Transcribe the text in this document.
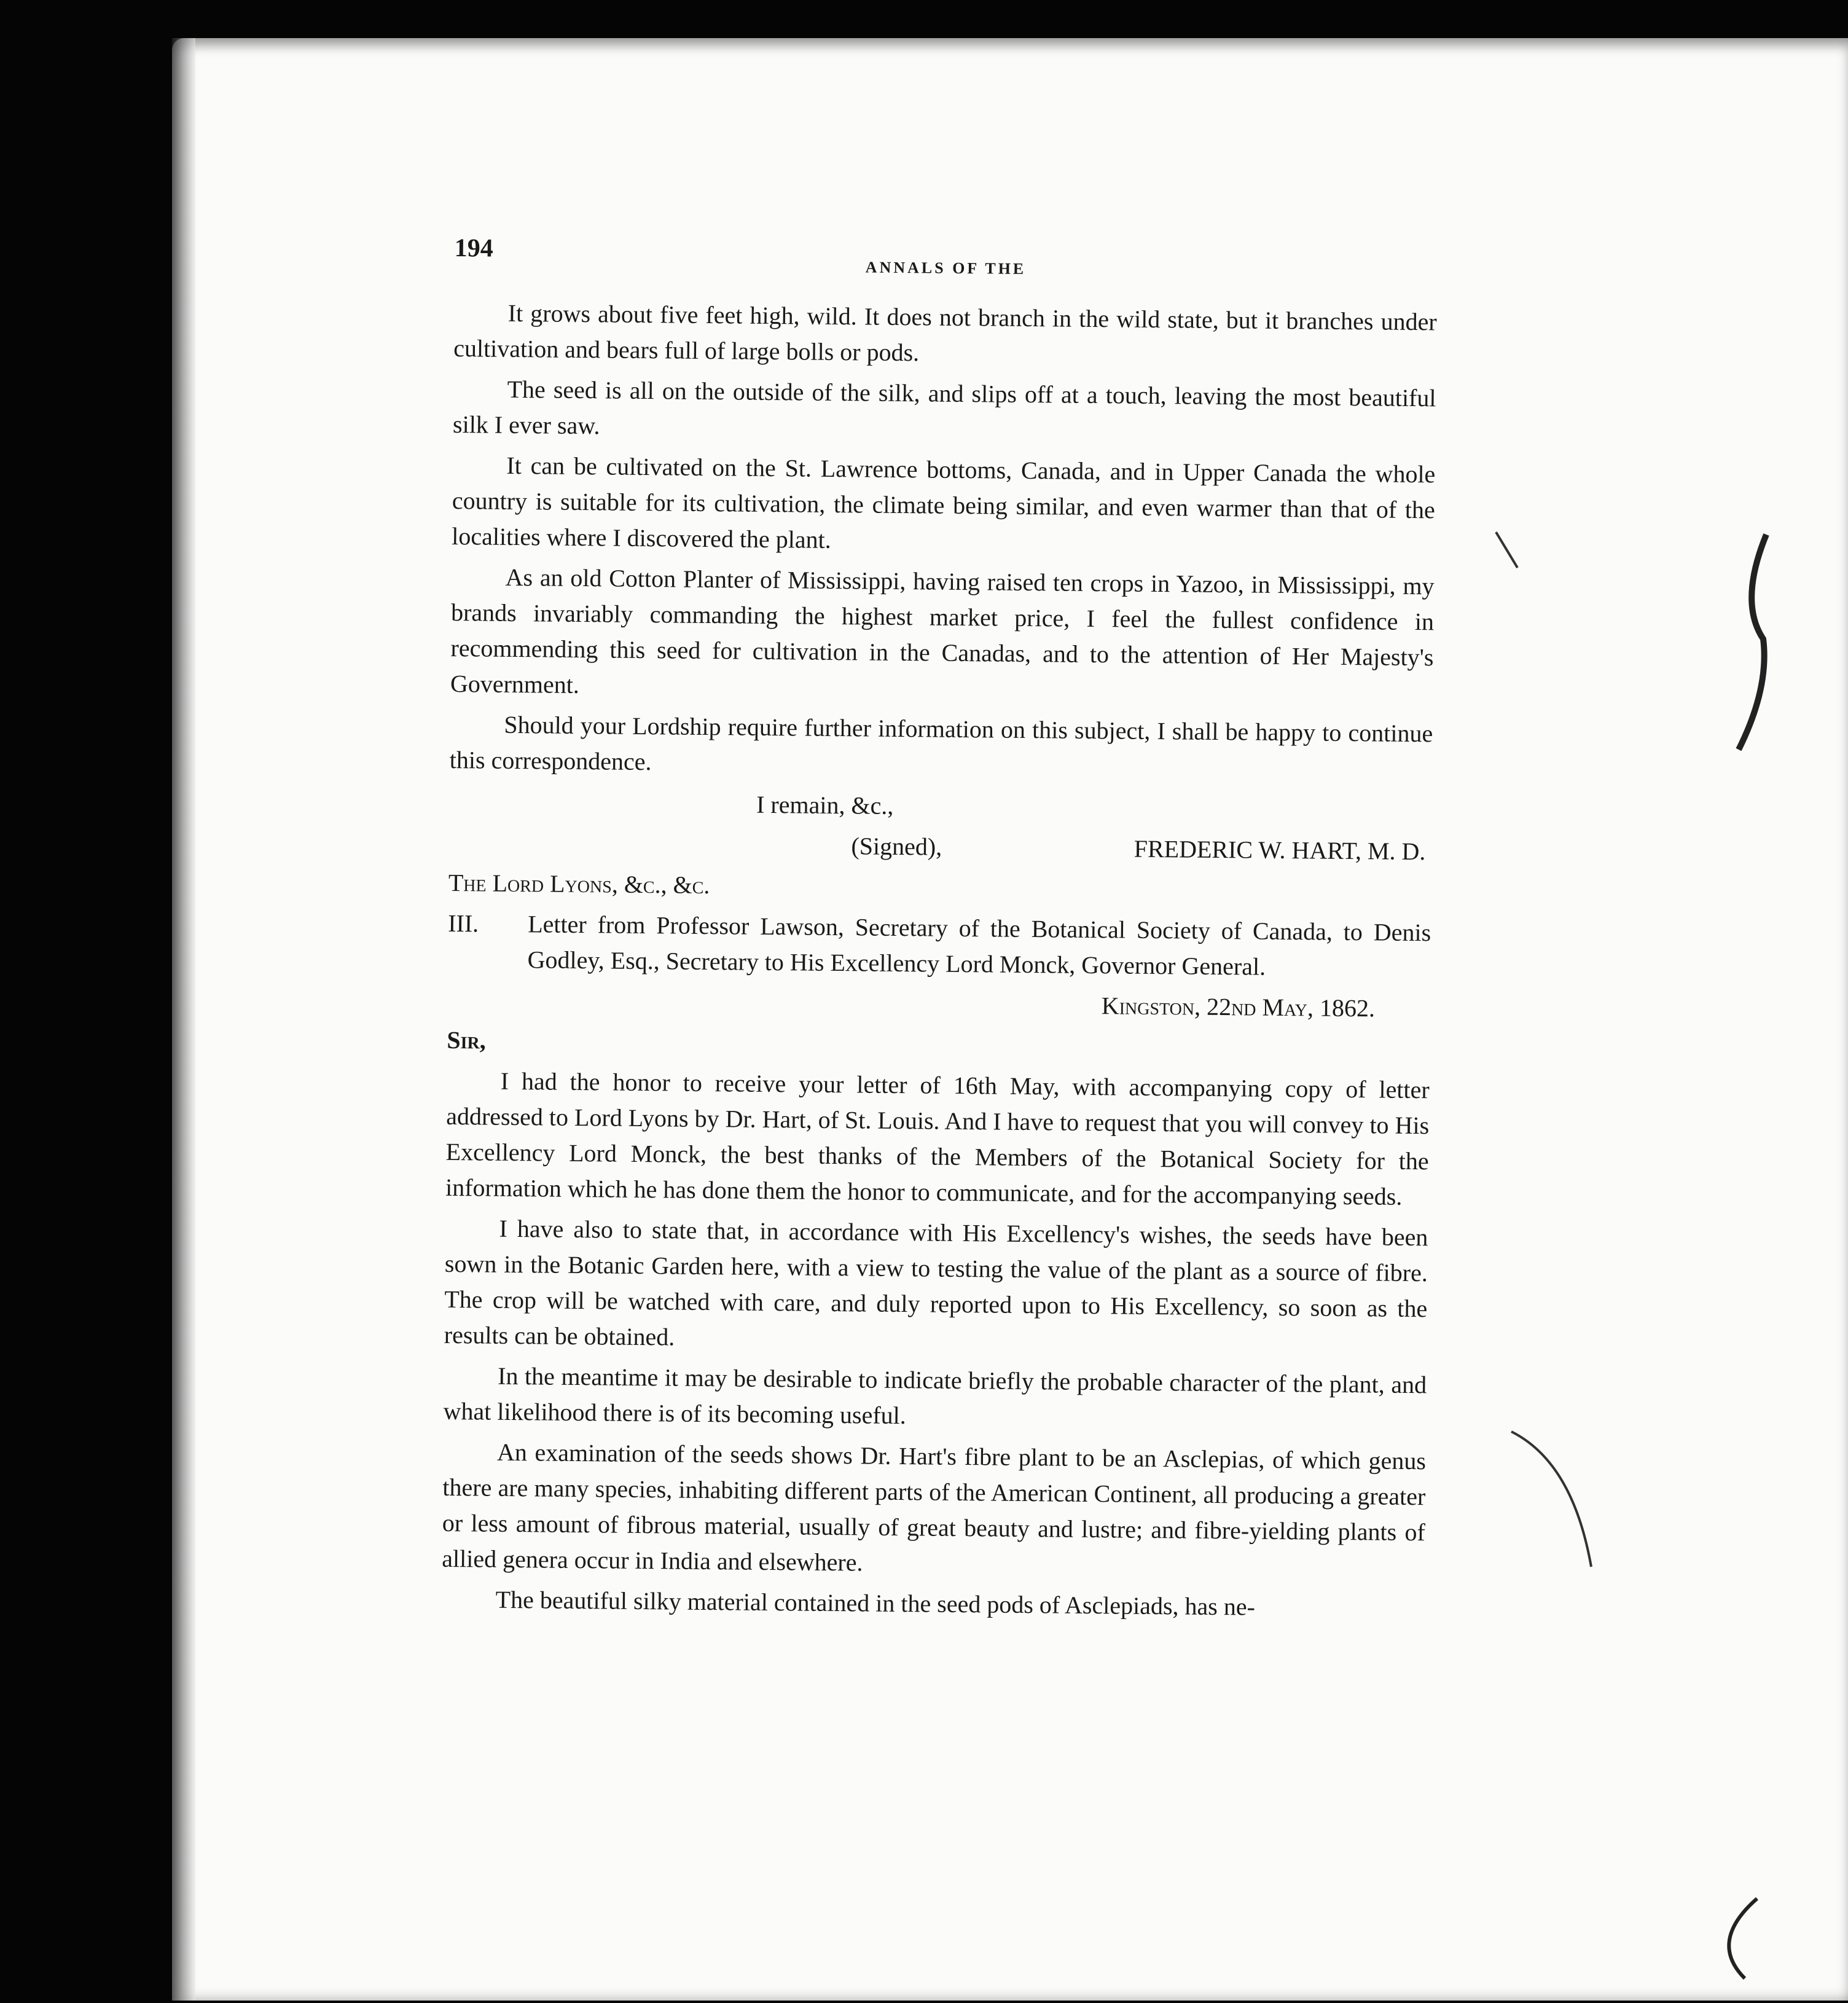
194
ANNALS OF THE

It grows about five feet high, wild. It does not branch in the wild state, but it branches under cultivation and bears full of large bolls or pods.

The seed is all on the outside of the silk, and slips off at a touch, leaving the most beautiful silk I ever saw.

It can be cultivated on the St. Lawrence bottoms, Canada, and in Upper Canada the whole country is suitable for its cultivation, the climate being similar, and even warmer than that of the localities where I discovered the plant.

As an old Cotton Planter of Mississippi, having raised ten crops in Yazoo, in Mississippi, my brands invariably commanding the highest market price, I feel the fullest confidence in recommending this seed for cultivation in the Canadas, and to the attention of Her Majesty's Government.

Should your Lordship require further information on this subject, I shall be happy to continue this correspondence.

I remain, &c.,

(Signed),	FREDERIC W. HART, M. D.

The Lord Lyons, &c., &c.

III. Letter from Professor Lawson, Secretary of the Botanical Society of Canada, to Denis Godley, Esq., Secretary to His Excellency Lord Monck, Governor General.

Kingston, 22nd May, 1862.

Sir,

I had the honor to receive your letter of 16th May, with accompanying copy of letter addressed to Lord Lyons by Dr. Hart, of St. Louis. And I have to request that you will convey to His Excellency Lord Monck, the best thanks of the Members of the Botanical Society for the information which he has done them the honor to communicate, and for the accompanying seeds.

I have also to state that, in accordance with His Excellency's wishes, the seeds have been sown in the Botanic Garden here, with a view to testing the value of the plant as a source of fibre. The crop will be watched with care, and duly reported upon to His Excellency, so soon as the results can be obtained.

In the meantime it may be desirable to indicate briefly the probable character of the plant, and what likelihood there is of its becoming useful.

An examination of the seeds shows Dr. Hart's fibre plant to be an Asclepias, of which genus there are many species, inhabiting different parts of the American Continent, all producing a greater or less amount of fibrous material, usually of great beauty and lustre; and fibre-yielding plants of allied genera occur in India and elsewhere.

The beautiful silky material contained in the seed pods of Asclepiads, has ne-
